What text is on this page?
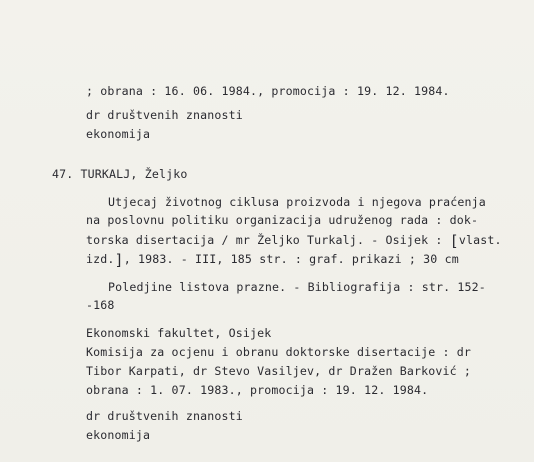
; obrana : 16. 06. 1984., promocija : 19. 12. 1984.
dr društvenih znanosti
ekonomija
47. TURKALJ, Željko
Utjecaj životnog ciklusa proizvoda i njegova praćenja
na poslovnu politiku organizacija udruženog rada : dok-
torska disertacija / mr Željko Turkalj. - Osijek : [vlast.
izd.], 1983. - III, 185 str. : graf. prikazi ; 30 cm
Poledjine listova prazne. - Bibliografija : str. 152-
-168
Ekonomski fakultet, Osijek
Komisija za ocjenu i obranu doktorske disertacije : dr
Tibor Karpati, dr Stevo Vasiljev, dr Dražen Barković ;
obrana : 1. 07. 1983., promocija : 19. 12. 1984.
dr društvenih znanosti
ekonomija
